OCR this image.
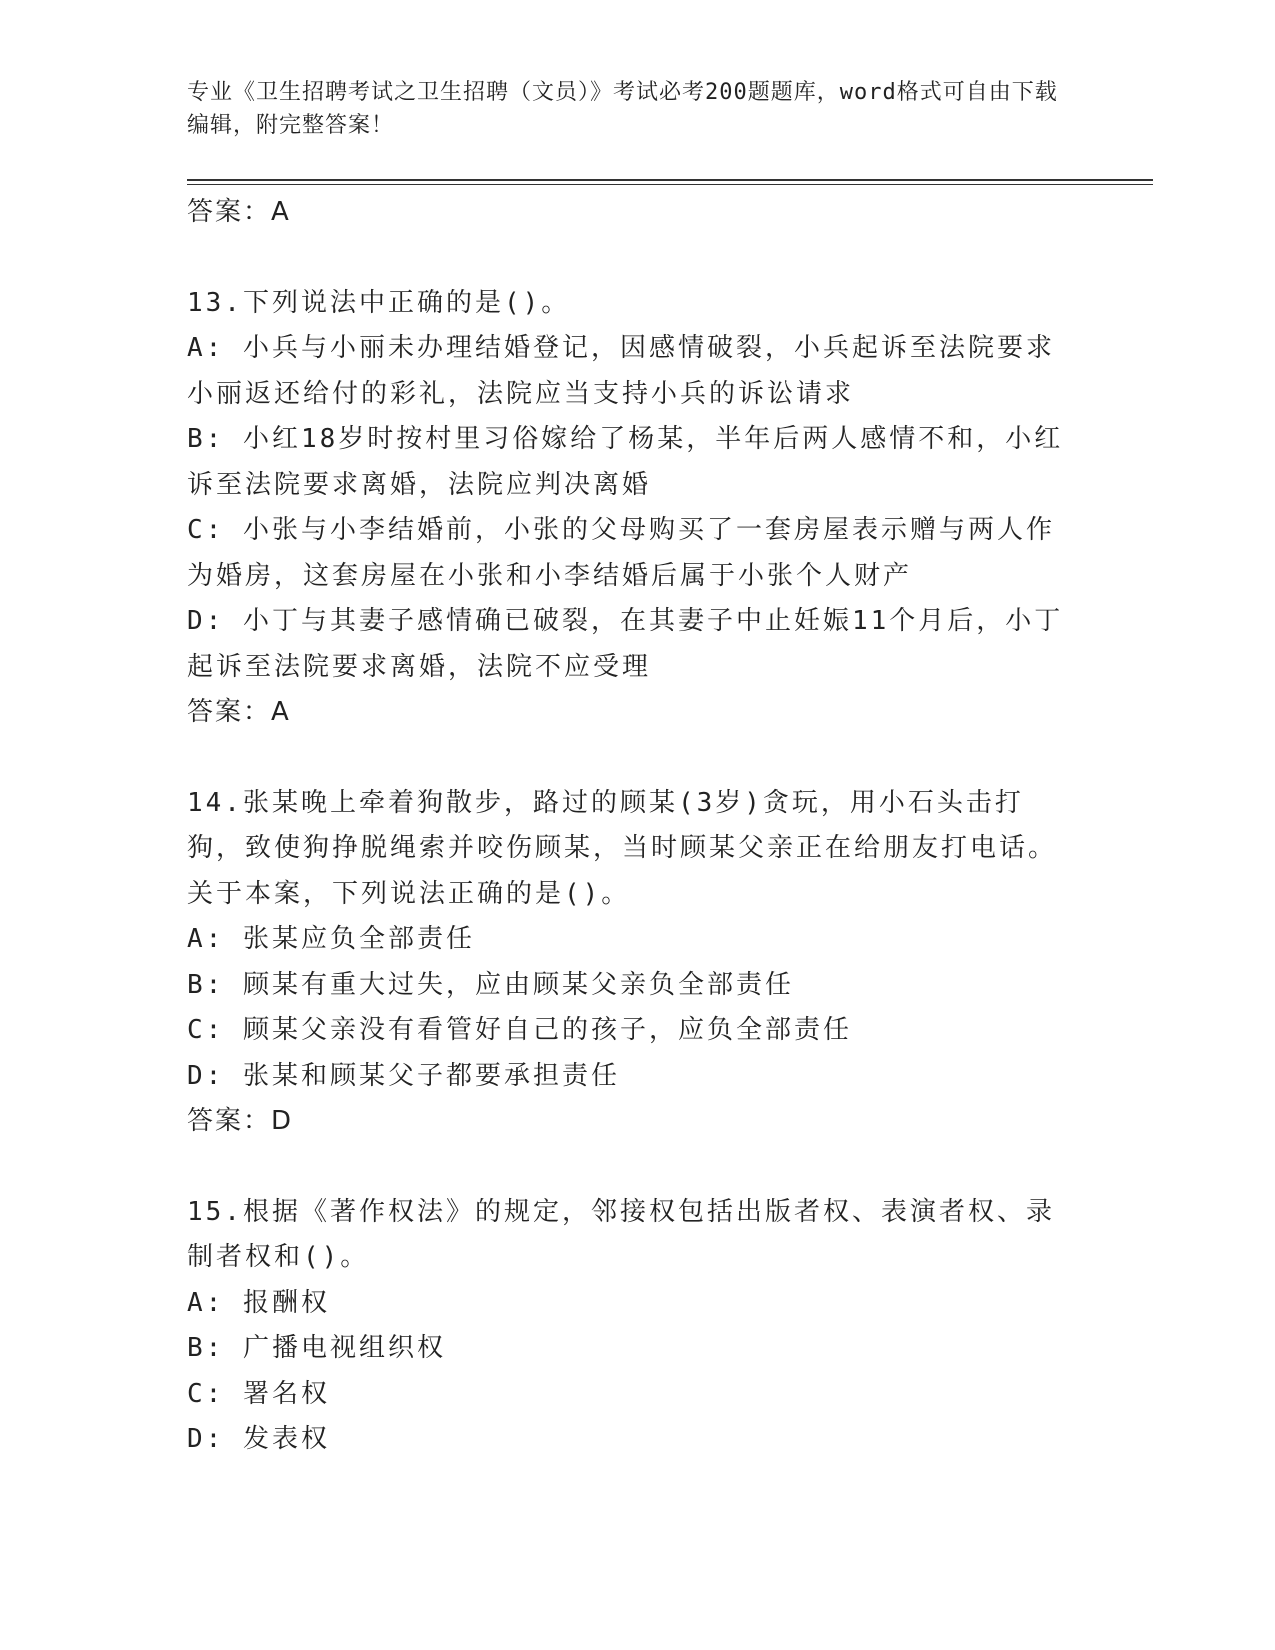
专业《卫生招聘考试之卫生招聘（文员）》考试必考200题题库，word格式可自由下载编辑，附完整答案！
答案：A
13.下列说法中正确的是()。
A: 小兵与小丽未办理结婚登记，因感情破裂，小兵起诉至法院要求小丽返还给付的彩礼，法院应当支持小兵的诉讼请求
B: 小红18岁时按村里习俗嫁给了杨某，半年后两人感情不和，小红诉至法院要求离婚，法院应判决离婚
C: 小张与小李结婚前，小张的父母购买了一套房屋表示赠与两人作为婚房，这套房屋在小张和小李结婚后属于小张个人财产
D: 小丁与其妻子感情确已破裂，在其妻子中止妊娠11个月后，小丁起诉至法院要求离婚，法院不应受理
答案：A
14.张某晚上牵着狗散步，路过的顾某(3岁)贪玩，用小石头击打狗，致使狗挣脱绳索并咬伤顾某，当时顾某父亲正在给朋友打电话。关于本案，下列说法正确的是()。
A: 张某应负全部责任
B: 顾某有重大过失，应由顾某父亲负全部责任
C: 顾某父亲没有看管好自己的孩子，应负全部责任
D: 张某和顾某父子都要承担责任
答案：D
15.根据《著作权法》的规定，邻接权包括出版者权、表演者权、录制者权和()。
A: 报酬权
B: 广播电视组织权
C: 署名权
D: 发表权
